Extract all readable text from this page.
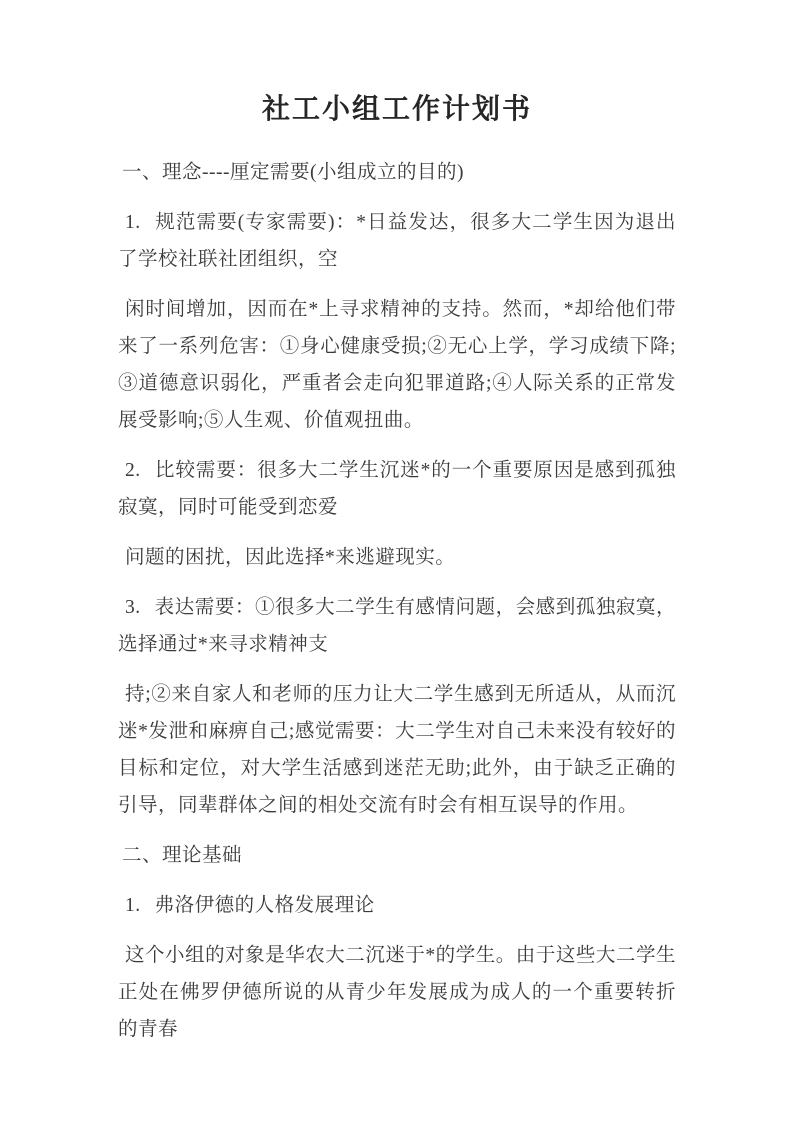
社工小组工作计划书
一、理念----厘定需要(小组成立的目的)
1. 规范需要(专家需要)：*日益发达，很多大二学生因为退出了学校社联社团组织，空
闲时间增加，因而在*上寻求精神的支持。然而，*却给他们带来了一系列危害：①身心健康受损;②无心上学，学习成绩下降;③道德意识弱化，严重者会走向犯罪道路;④人际关系的正常发展受影响;⑤人生观、价值观扭曲。
2. 比较需要：很多大二学生沉迷*的一个重要原因是感到孤独寂寞，同时可能受到恋爱
问题的困扰，因此选择*来逃避现实。
3. 表达需要：①很多大二学生有感情问题，会感到孤独寂寞，选择通过*来寻求精神支
持;②来自家人和老师的压力让大二学生感到无所适从，从而沉迷*发泄和麻痹自己;感觉需要：大二学生对自己未来没有较好的目标和定位，对大学生活感到迷茫无助;此外，由于缺乏正确的引导，同辈群体之间的相处交流有时会有相互误导的作用。
二、理论基础
1. 弗洛伊德的人格发展理论
这个小组的对象是华农大二沉迷于*的学生。由于这些大二学生正处在佛罗伊德所说的从青少年发展成为成人的一个重要转折的青春
